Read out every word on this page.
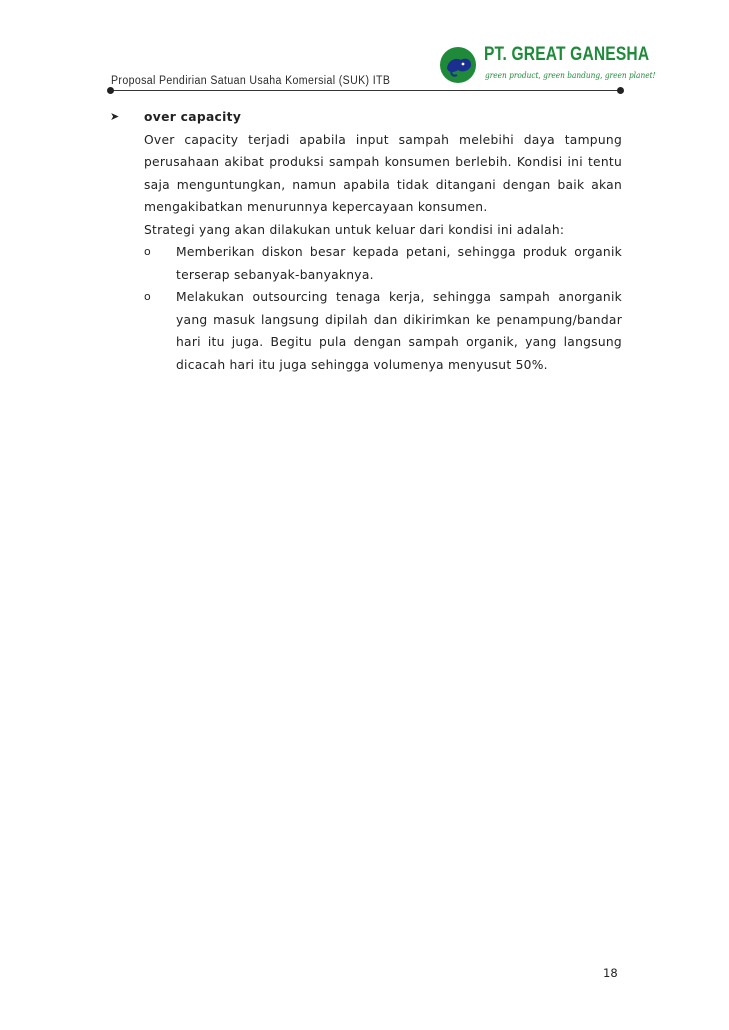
Proposal Pendirian Satuan Usaha Komersial (SUK) ITB
PT. GREAT GANESHA
green product, green bandung, green planet!
➤ over capacity
Over capacity terjadi apabila input sampah melebihi daya tampung perusahaan akibat produksi sampah konsumen berlebih. Kondisi ini tentu saja menguntungkan, namun apabila tidak ditangani dengan baik akan mengakibatkan menurunnya kepercayaan konsumen.
Strategi yang akan dilakukan untuk keluar dari kondisi ini adalah:
o Memberikan diskon besar kepada petani, sehingga produk organik terserap sebanyak-banyaknya.
o Melakukan outsourcing tenaga kerja, sehingga sampah anorganik yang masuk langsung dipilah dan dikirimkan ke penampung/bandar hari itu juga. Begitu pula dengan sampah organik, yang langsung dicacah hari itu juga sehingga volumenya menyusut 50%.
18
